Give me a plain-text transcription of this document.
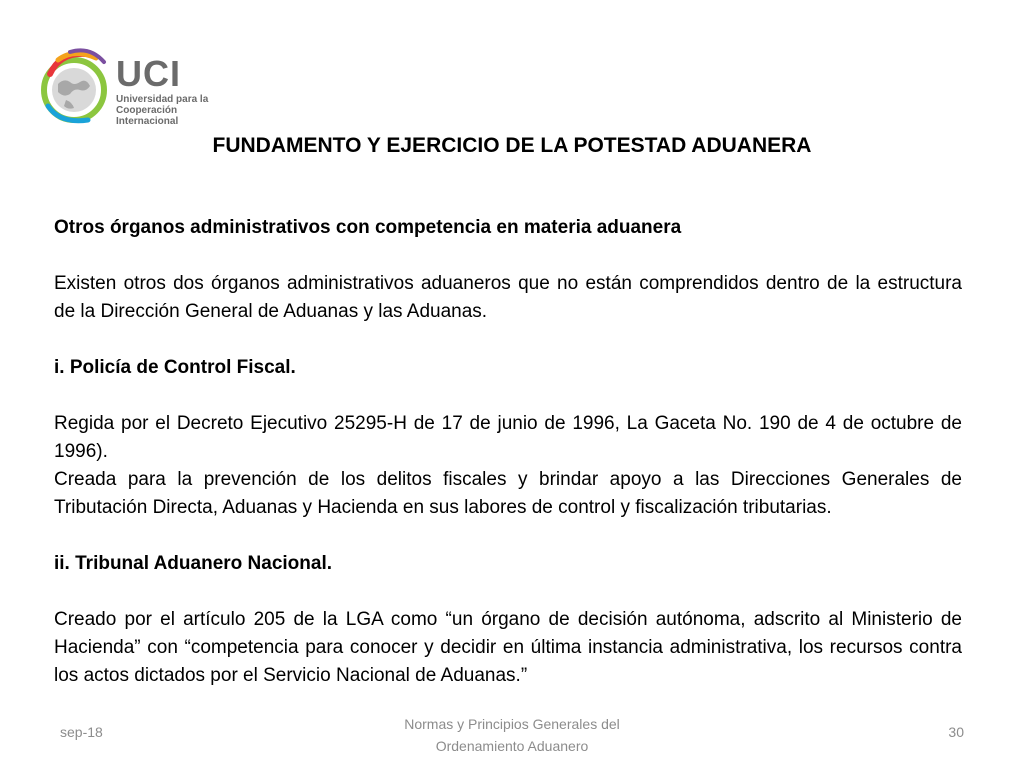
UCI
Universidad para la
Cooperación Internacional
FUNDAMENTO Y EJERCICIO DE LA POTESTAD ADUANERA

Otros órganos administrativos con competencia en materia aduanera

Existen otros dos órganos administrativos aduaneros que no están comprendidos dentro de la estructura de la Dirección General de Aduanas y las Aduanas.

i. Policía de Control Fiscal.

Regida por el Decreto Ejecutivo 25295-H de 17 de junio de 1996, La Gaceta No. 190 de 4 de octubre de 1996).

Creada para la prevención de los delitos fiscales y brindar apoyo a las Direcciones Generales de Tributación Directa, Aduanas y Hacienda en sus labores de control y fiscalización tributarias.

ii. Tribunal Aduanero Nacional.

Creado por el artículo 205 de la LGA como “un órgano de decisión autónoma, adscrito al Ministerio de Hacienda” con “competencia para conocer y decidir en última instancia administrativa, los recursos contra los actos dictados por el Servicio Nacional de Aduanas.”

sep-18	Normas y Principios Generales del
Ordenamiento Aduanero
30
